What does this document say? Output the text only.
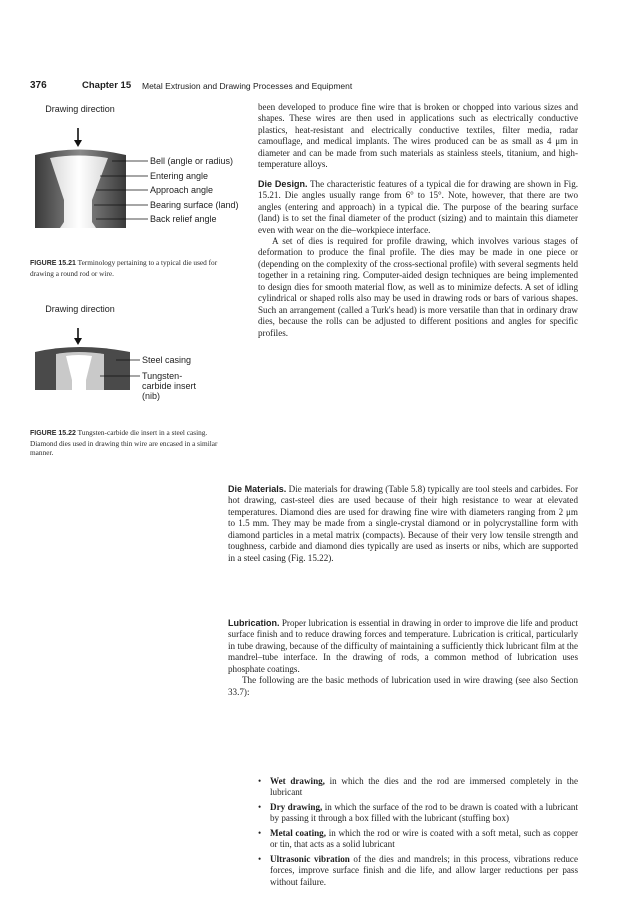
376	Chapter 15 Metal Extrusion and Drawing Processes and Equipment
Drawing direction
Bell (angle or radius)
Entering angle
Approach angle
Bearing surface (land)
Back relief angle
FIGURE 15.21 Terminology pertaining to a typical die used for drawing a round rod or wire.
Drawing direction
Steel casing
Tungsten-carbide insert (nib)
FIGURE 15.22 Tungsten-carbide die insert in a steel casing. Diamond dies used in drawing thin wire are encased in a similar manner.

been developed to produce fine wire that is broken or chopped into various sizes and shapes. These wires are then used in applications such as electrically conductive plastics, heat-resistant and electrically conductive textiles, filter media, radar camouflage, and medical implants. The wires produced can be as small as 4 μm in diameter and can be made from such materials as stainless steels, titanium, and high-temperature alloys.

Die Design. The characteristic features of a typical die for drawing are shown in Fig. 15.21. Die angles usually range from 6° to 15°. Note, however, that there are two angles (entering and approach) in a typical die. The purpose of the bearing surface (land) is to set the final diameter of the product (sizing) and to maintain this diameter even with wear on the die–workpiece interface.

A set of dies is required for profile drawing, which involves various stages of deformation to produce the final profile. The dies may be made in one piece or (depending on the complexity of the cross-sectional profile) with several segments held together in a retaining ring. Computer-aided design techniques are being implemented to design dies for smooth material flow, as well as to minimize defects. A set of idling cylindrical or shaped rolls also may be used in drawing rods or bars of various shapes. Such an arrangement (called a Turk's head) is more versatile than that in ordinary draw dies, because the rolls can be adjusted to different positions and angles for specific profiles.

Die Materials. Die materials for drawing (Table 5.8) typically are tool steels and carbides. For hot drawing, cast-steel dies are used because of their high resistance to wear at elevated temperatures. Diamond dies are used for drawing fine wire with diameters ranging from 2 μm to 1.5 mm. They may be made from a single-crystal diamond or in polycrystalline form with diamond particles in a metal matrix (compacts). Because of their very low tensile strength and toughness, carbide and diamond dies typically are used as inserts or nibs, which are supported in a steel casing (Fig. 15.22).

Lubrication. Proper lubrication is essential in drawing in order to improve die life and product surface finish and to reduce drawing forces and temperature. Lubrication is critical, particularly in tube drawing, because of the difficulty of maintaining a sufficiently thick lubricant film at the mandrel–tube interface. In the drawing of rods, a common method of lubrication uses phosphate coatings.

The following are the basic methods of lubrication used in wire drawing (see also Section 33.7):

• Wet drawing, in which the dies and the rod are immersed completely in the lubricant
• Dry drawing, in which the surface of the rod to be drawn is coated with a lubricant by passing it through a box filled with the lubricant (stuffing box)
• Metal coating, in which the rod or wire is coated with a soft metal, such as copper or tin, that acts as a solid lubricant
• Ultrasonic vibration of the dies and mandrels; in this process, vibrations reduce forces, improve surface finish and die life, and allow larger reductions per pass without failure.
